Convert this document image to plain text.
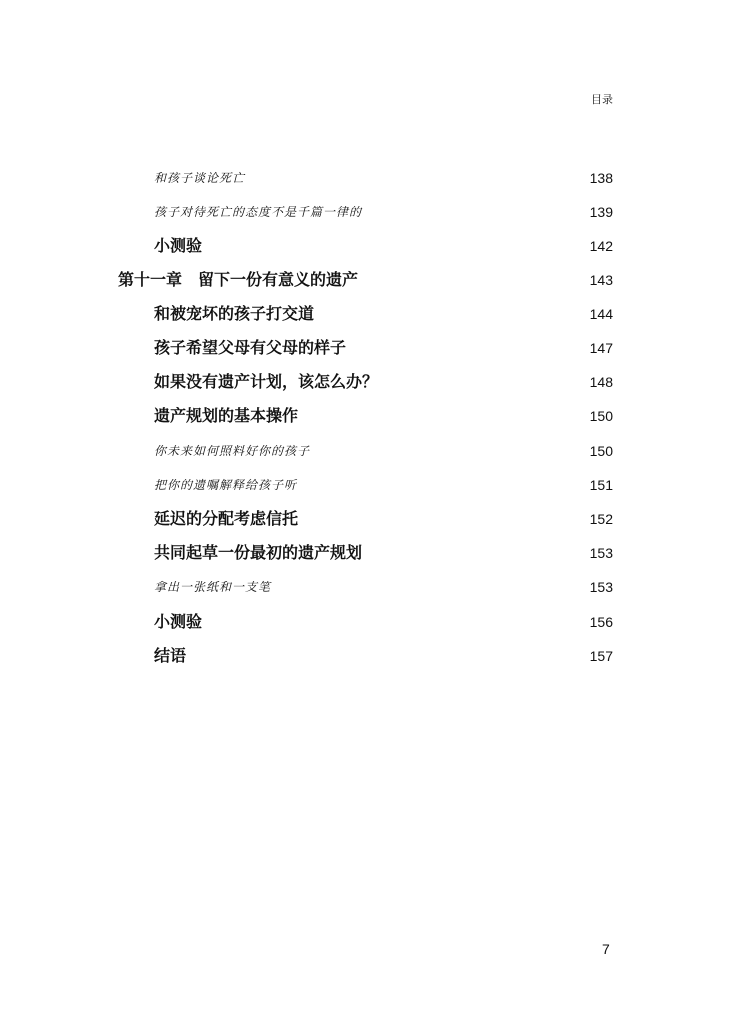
目录
和孩子谈论死亡	138
孩子对待死亡的态度不是千篇一律的	139
小测验	142
第十一章　留下一份有意义的遗产	143
和被宠坏的孩子打交道	144
孩子希望父母有父母的样子	147
如果没有遗产计划，该怎么办？	148
遗产规划的基本操作	150
你未来如何照料好你的孩子	150
把你的遗嘱解释给孩子听	151
延迟的分配考虑信托	152
共同起草一份最初的遗产规划	153
拿出一张纸和一支笔	153
小测验	156
结语	157
7
